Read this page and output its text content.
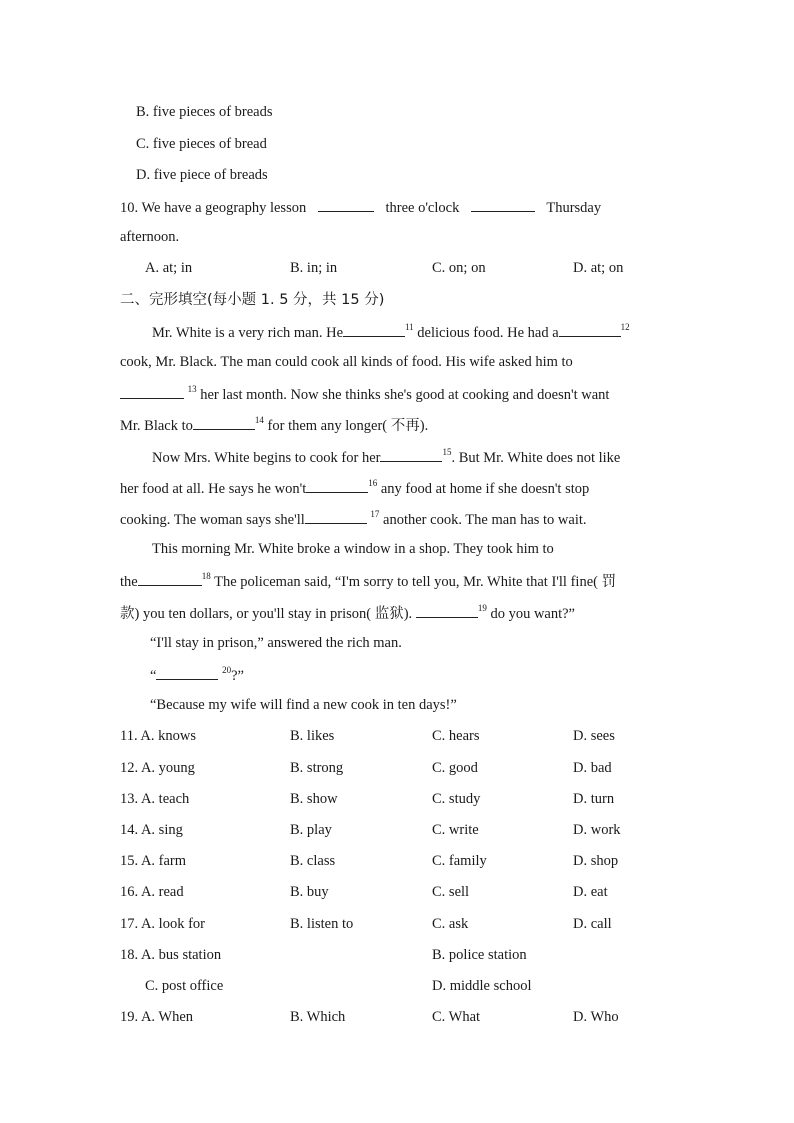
B. five pieces of breads
C. five pieces of bread
D. five piece of breads
10. We have a geography lesson	three o'clock	Thursday
afternoon.
A. at; in	B. in; in	C. on; on	D. at; on
二、完形填空(每小题 1. 5 分，共 15 分)
Mr. White is a very rich man. He	$^{11}$ delicious food. He had a	$^{12}$
cook, Mr. Black. The man could cook all kinds of food. His wife asked him to
$^{13}$ her last month. Now she thinks she's good at cooking and doesn't want
Mr. Black to	$^{14}$ for them any longer( 不再).
Now Mrs. White begins to cook for her	$^{15}$. But Mr. White does not like
her food at all. He says he won't	$^{16}$ any food at home if she doesn't stop
cooking. The woman says she'll	$^{17}$ another cook. The man has to wait.
This morning Mr. White broke a window in a shop. They took him to
the	$^{18}$ The policeman said, “I'm sorry to tell you, Mr. White that I'll fine( 罚
款) you ten dollars, or you'll stay in prison( 监狱).	$^{19}$ do you want?”
“I'll stay in prison,” answered the rich man.
“	$^{20}$?”
“Because my wife will find a new cook in ten days!”
11. A. knows	B. likes	C. hears	D. sees
12. A. young	B. strong	C. good	D. bad
13. A. teach	B. show	C. study	D. turn
14. A. sing	B. play	C. write	D. work
15. A. farm	B. class	C. family	D. shop
16. A. read	B. buy	C. sell	D. eat
17. A. look for	B. listen to	C. ask	D. call
18. A. bus station	B. police station
C. post office	D. middle school
19. A. When	B. Which	C. What	D. Who
